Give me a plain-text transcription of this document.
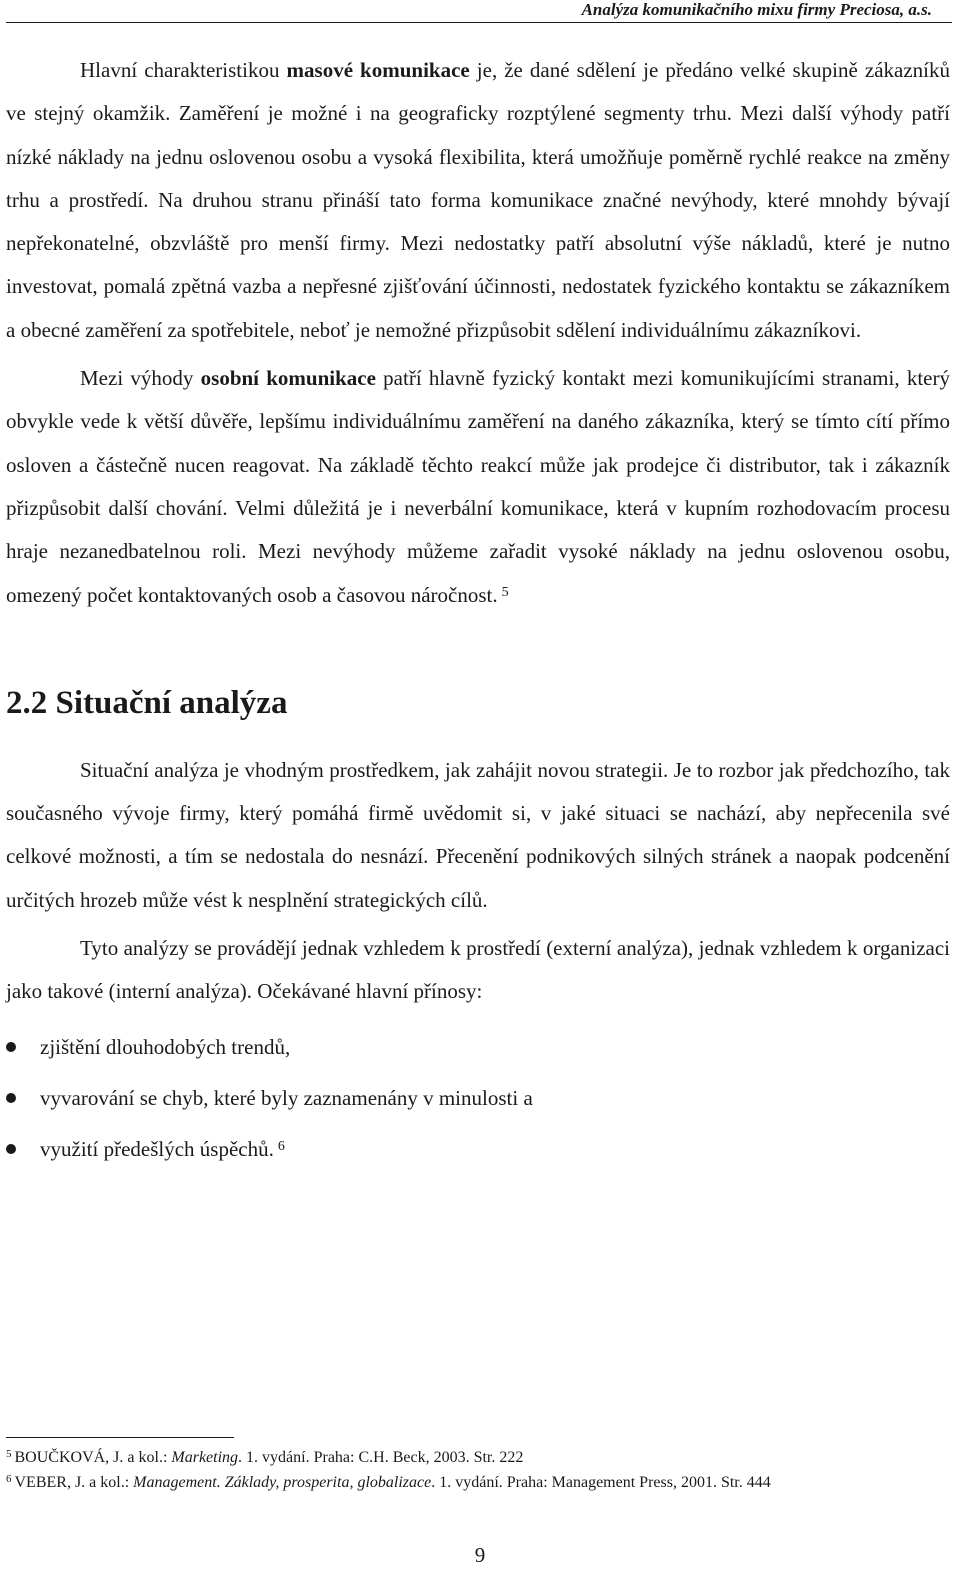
Analýza komunikačního mixu firmy Preciosa, a.s.

Hlavní charakteristikou masové komunikace je, že dané sdělení je předáno velké skupině zákazníků ve stejný okamžik. Zaměření je možné i na geograficky rozptýlené segmenty trhu. Mezi další výhody patří nízké náklady na jednu oslovenou osobu a vysoká flexibilita, která umožňuje poměrně rychlé reakce na změny trhu a prostředí. Na druhou stranu přináší tato forma komunikace značné nevýhody, které mnohdy bývají nepřekonatelné, obzvláště pro menší firmy. Mezi nedostatky patří absolutní výše nákladů, které je nutno investovat, pomalá zpětná vazba a nepřesné zjišťování účinnosti, nedostatek fyzického kontaktu se zákazníkem a obecné zaměření za spotřebitele, neboť je nemožné přizpůsobit sdělení individuálnímu zákazníkovi.

Mezi výhody osobní komunikace patří hlavně fyzický kontakt mezi komunikujícími stranami, který obvykle vede k větší důvěře, lepšímu individuálnímu zaměření na daného zákazníka, který se tímto cítí přímo osloven a částečně nucen reagovat. Na základě těchto reakcí může jak prodejce či distributor, tak i zákazník přizpůsobit další chování. Velmi důležitá je i neverbální komunikace, která v kupním rozhodovacím procesu hraje nezanedbatelnou roli. Mezi nevýhody můžeme zařadit vysoké náklady na jednu oslovenou osobu, omezený počet kontaktovaných osob a časovou náročnost. $^5$

2.2 Situační analýza

Situační analýza je vhodným prostředkem, jak zahájit novou strategii. Je to rozbor jak předchozího, tak současného vývoje firmy, který pomáhá firmě uvědomit si, v jaké situaci se nachází, aby nepřecenila své celkové možnosti, a tím se nedostala do nesnází. Přecenění podnikových silných stránek a naopak podcenění určitých hrozeb může vést k nesplnění strategických cílů.

Tyto analýzy se provádějí jednak vzhledem k prostředí (externí analýza), jednak vzhledem k organizaci jako takové (interní analýza). Očekávané hlavní přínosy:

zjištění dlouhodobých trendů,
vyvarování se chyb, které byly zaznamenány v minulosti a
využití předešlých úspěchů. $^6$
$^5$ BOUČKOVÁ, J. a kol.: Marketing. 1. vydání. Praha: C.H. Beck, 2003. Str. 222
$^6$ VEBER, J. a kol.: Management. Základy, prosperita, globalizace. 1. vydání. Praha: Management Press, 2001. Str. 444
9
